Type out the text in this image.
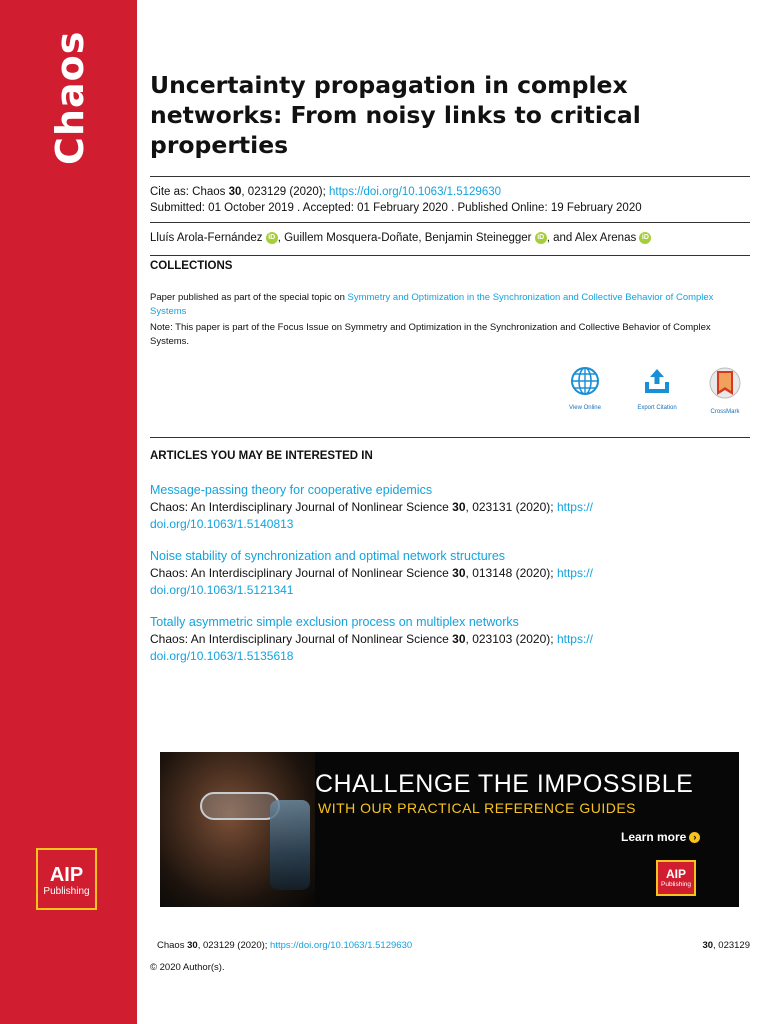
Chaos
AIP
Publishing
Uncertainty propagation in complex networks: From noisy links to critical properties
Cite as: Chaos 30, 023129 (2020); https://doi.org/10.1063/1.5129630
Submitted: 01 October 2019 . Accepted: 01 February 2020 . Published Online: 19 February 2020
Lluís Arola-Fernández iD , Guillem Mosquera-Doñate, Benjamin Steinegger iD , and Alex Arenas iD
COLLECTIONS
Paper published as part of the special topic on Symmetry and Optimization in the Synchronization and Collective Behavior of Complex Systems
Note: This paper is part of the Focus Issue on Symmetry and Optimization in the Synchronization and Collective Behavior of Complex Systems.
View Online	Export Citation
CrossMark
ARTICLES YOU MAY BE INTERESTED IN
Message-passing theory for cooperative epidemics
Chaos: An Interdisciplinary Journal of Nonlinear Science 30, 023131 (2020); https://
doi.org/10.1063/1.5140813
Noise stability of synchronization and optimal network structures
Chaos: An Interdisciplinary Journal of Nonlinear Science 30, 013148 (2020); https://
doi.org/10.1063/1.5121341
Totally asymmetric simple exclusion process on multiplex networks
Chaos: An Interdisciplinary Journal of Nonlinear Science 30, 023103 (2020); https://
doi.org/10.1063/1.5135618
CHALLENGE THE IMPOSSIBLE
WITH OUR PRACTICAL REFERENCE GUIDES
Learn more ›
AIP
Publishing
Chaos 30, 023129 (2020); https://doi.org/10.1063/1.5129630	30, 023129
© 2020 Author(s).
